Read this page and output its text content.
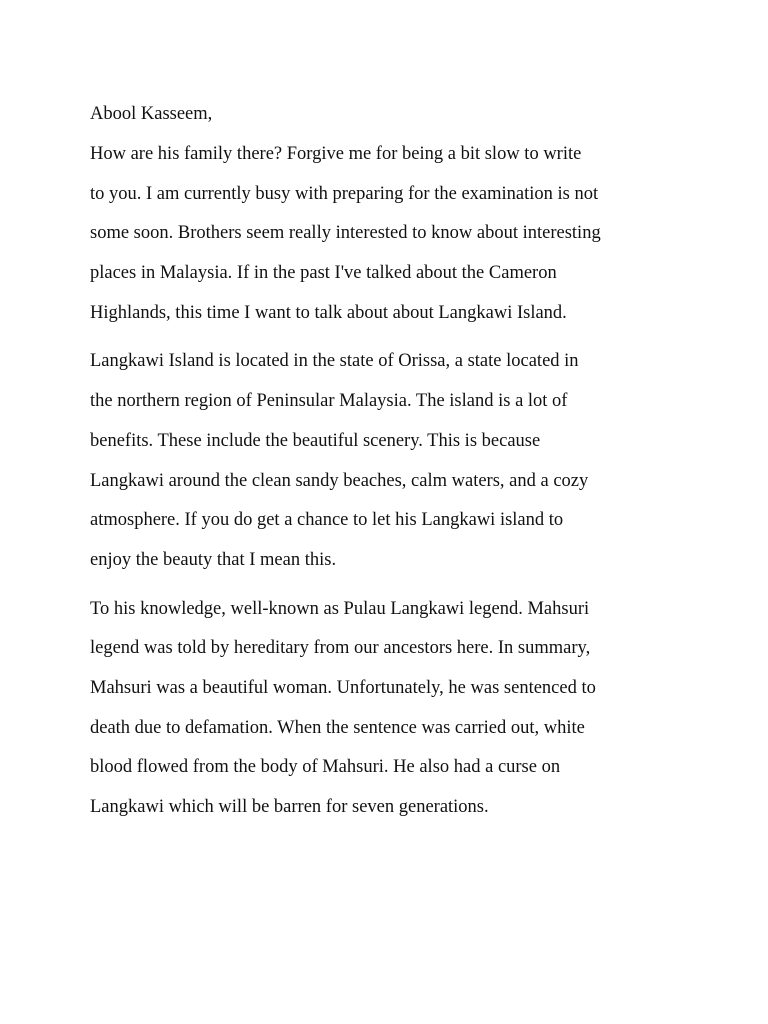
Abool Kasseem,
How are his family there? Forgive me for being a bit slow to write
to you. I am currently busy with preparing for the examination is not
some soon. Brothers seem really interested to know about interesting
places in Malaysia. If in the past I've talked about the Cameron
Highlands, this time I want to talk about about Langkawi Island.
Langkawi Island is located in the state of Orissa, a state located in
the northern region of Peninsular Malaysia. The island is a lot of
benefits. These include the beautiful scenery. This is because
Langkawi around the clean sandy beaches, calm waters, and a cozy
atmosphere. If you do get a chance to let his Langkawi island to
enjoy the beauty that I mean this.
To his knowledge, well-known as Pulau Langkawi legend. Mahsuri
legend was told by hereditary from our ancestors here. In summary,
Mahsuri was a beautiful woman. Unfortunately, he was sentenced to
death due to defamation. When the sentence was carried out, white
blood flowed from the body of Mahsuri. He also had a curse on
Langkawi which will be barren for seven generations.
